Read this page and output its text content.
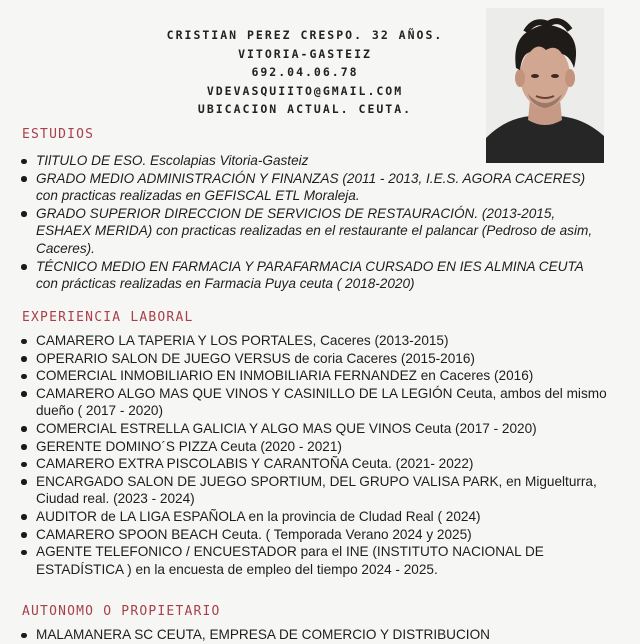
CRISTIAN PEREZ CRESPO. 32 AÑOS.
VITORIA-GASTEIZ
692.04.06.78
VDEVASQUIITO@GMAIL.COM
UBICACION ACTUAL. CEUTA.
ESTUDIOS
TIlTULO DE ESO. Escolapias Vitoria-Gasteiz
GRADO MEDIO ADMINISTRACIÓN Y FINANZAS (2011 - 2013, I.E.S. AGORA CACERES) con practicas realizadas en GEFISCAL ETL Moraleja.
GRADO SUPERIOR DIRECCION DE SERVICIOS DE RESTAURACIÓN. (2013-2015, ESHAEX MERIDA) con practicas realizadas en el restaurante el palancar (Pedroso de asim, Caceres).
TÉCNICO MEDIO EN FARMACIA Y PARAFARMACIA CURSADO EN IES ALMINA CEUTA con prácticas realizadas en Farmacia Puya ceuta ( 2018-2020)
EXPERIENCIA LABORAL
CAMARERO LA TAPERIA Y LOS PORTALES, Caceres (2013-2015)
OPERARIO SALON DE JUEGO VERSUS de coria Caceres (2015-2016)
COMERCIAL INMOBILIARIO EN INMOBILIARIA FERNANDEZ en Caceres (2016)
CAMARERO ALGO MAS QUE VINOS Y CASINILLO DE LA LEGIÓN Ceuta, ambos del mismo dueño ( 2017 - 2020)
COMERCIAL ESTRELLA GALICIA Y ALGO MAS QUE VINOS Ceuta (2017 - 2020)
GERENTE DOMINO´S PIZZA Ceuta (2020 - 2021)
CAMARERO EXTRA PISCOLABIS Y CARANTOÑA Ceuta. (2021- 2022)
ENCARGADO SALON DE JUEGO SPORTIUM, DEL GRUPO VALISA PARK, en Miguelturra, Ciudad real. (2023 - 2024)
AUDITOR de LA LIGA ESPAÑOLA en la provincia de Cludad Real ( 2024)
CAMARERO SPOON BEACH Ceuta. ( Temporada Verano 2024 y 2025)
AGENTE TELEFONICO / ENCUESTADOR para el INE (INSTITUTO NACIONAL DE ESTADÍSTICA ) en la encuesta de empleo del tiempo 2024 - 2025.
AUTONOMO O PROPIETARIO
MALAMANERA SC CEUTA, EMPRESA DE COMERCIO Y DISTRIBUCION
